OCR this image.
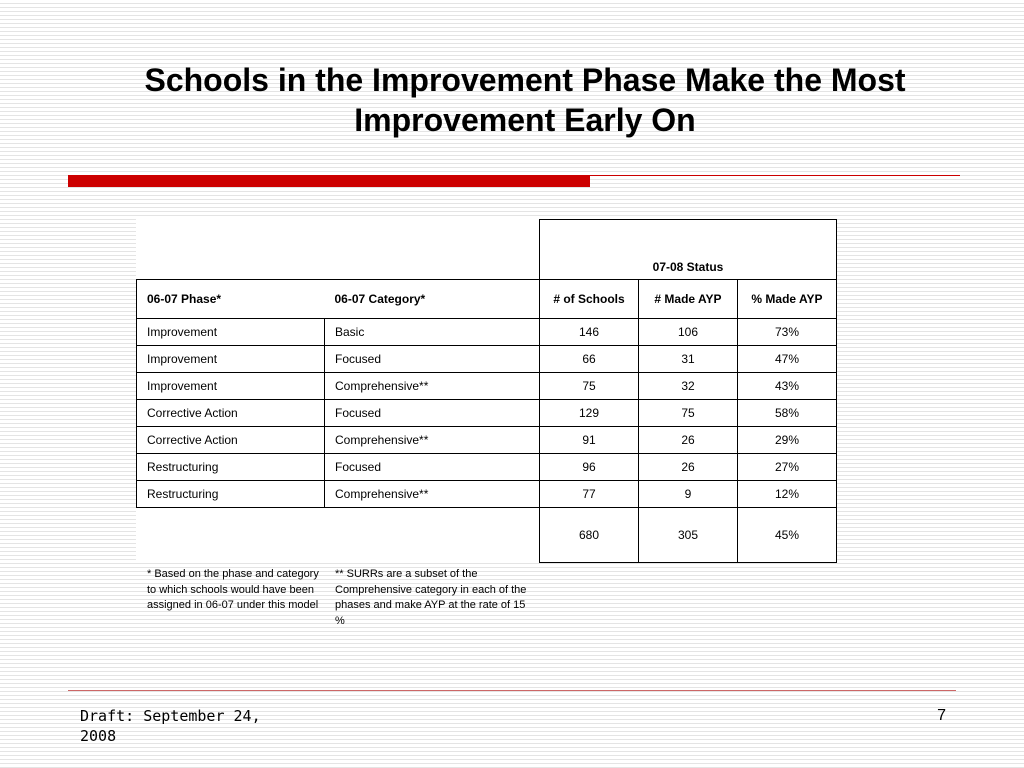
Schools in the Improvement Phase Make the Most Improvement Early On
		07-08 Status		
06-07 Phase*	06-07 Category*	# of Schools	# Made AYP	% Made AYP
Improvement	Basic	146	106	73%
Improvement	Focused	66	31	47%
Improvement	Comprehensive**	75	32	43%
Corrective Action	Focused	129	75	58%
Corrective Action	Comprehensive**	91	26	29%
Restructuring	Focused	96	26	27%
Restructuring	Comprehensive**	77	9	12%
		680	305	45%
* Based on the phase and category to which schools would have been assigned in 06-07 under this model
** SURRs are a subset of the Comprehensive category in each of the phases and make AYP at the rate of 15 %
Draft: September 24, 2008
7
